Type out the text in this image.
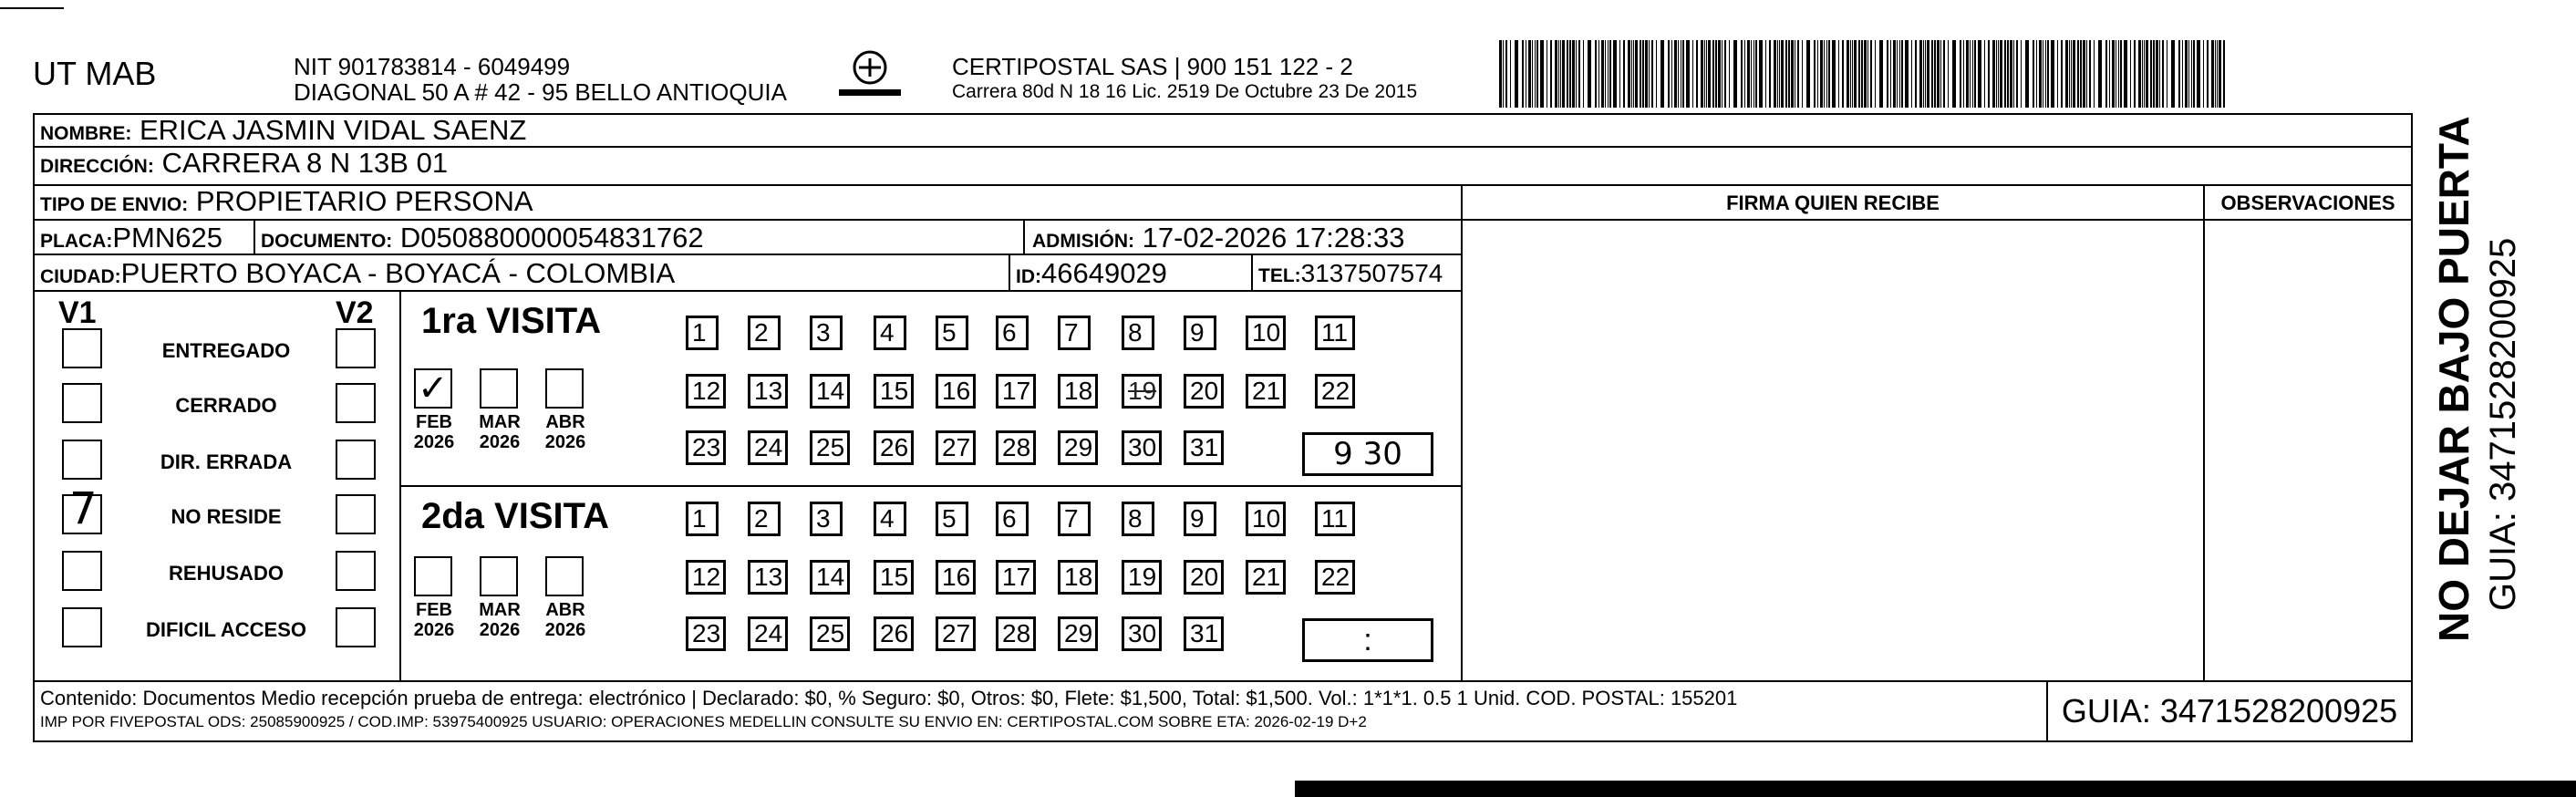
UT MAB	NIT 901783814 - 6049499
DIAGONAL 50 A # 42 - 95 BELLO ANTIOQUIA
CERTIPOSTAL SAS | 900 151 122 - 2
Carrera 80d N 18 16 Lic. 2519 De Octubre 23 De 2015
NOMBRE: ERICA JASMIN VIDAL SAENZ
DIRECCIÓN: CARRERA 8 N 13B 01
TIPO DE ENVIO: PROPIETARIO PERSONA	FIRMA QUIEN RECIBE	OBSERVACIONES
PLACA:PMN625 DOCUMENTO: D050880000054831762	ADMISIÓN: 17-02-2026 17:28:33
CIUDAD:PUERTO BOYACA - BOYACÁ - COLOMBIA	ID:46649029	TEL:3137507574
V1	V2
ENTREGADO
CERRADO
DIR. ERRADA
7	NO RESIDE
REHUSADO
DIFICIL ACCESO
1ra VISITA
✓
FEB
2026
MAR
2026
ABR
2026
1	2	3	4	5	6	7	8	9	10 11
12 13 14 15 16 17 18 19 20 21 22
23 24 25 26 27 28 29 30 31	9 30
2da VISITA
FEB
2026
MAR
2026
ABR
2026
1	2	3	4	5	6	7	8	9	10 11
12 13 14 15 16 17 18 19 20 21 22
23 24 25 26 27 28 29 30 31	:
Contenido: Documentos Medio recepción prueba de entrega: electrónico | Declarado: $0, % Seguro: $0, Otros: $0, Flete: $1,500, Total: $1,500. Vol.: 1*1*1. 0.5 1 Unid. COD. POSTAL: 155201
IMP POR FIVEPOSTAL ODS: 25085900925 / COD.IMP: 53975400925 USUARIO: OPERACIONES MEDELLIN CONSULTE SU ENVIO EN: CERTIPOSTAL.COM SOBRE ETA: 2026-02-19 D+2	GUIA: 3471528200925
NO DEJAR BAJO PUERTA GUIA: 3471528200925
